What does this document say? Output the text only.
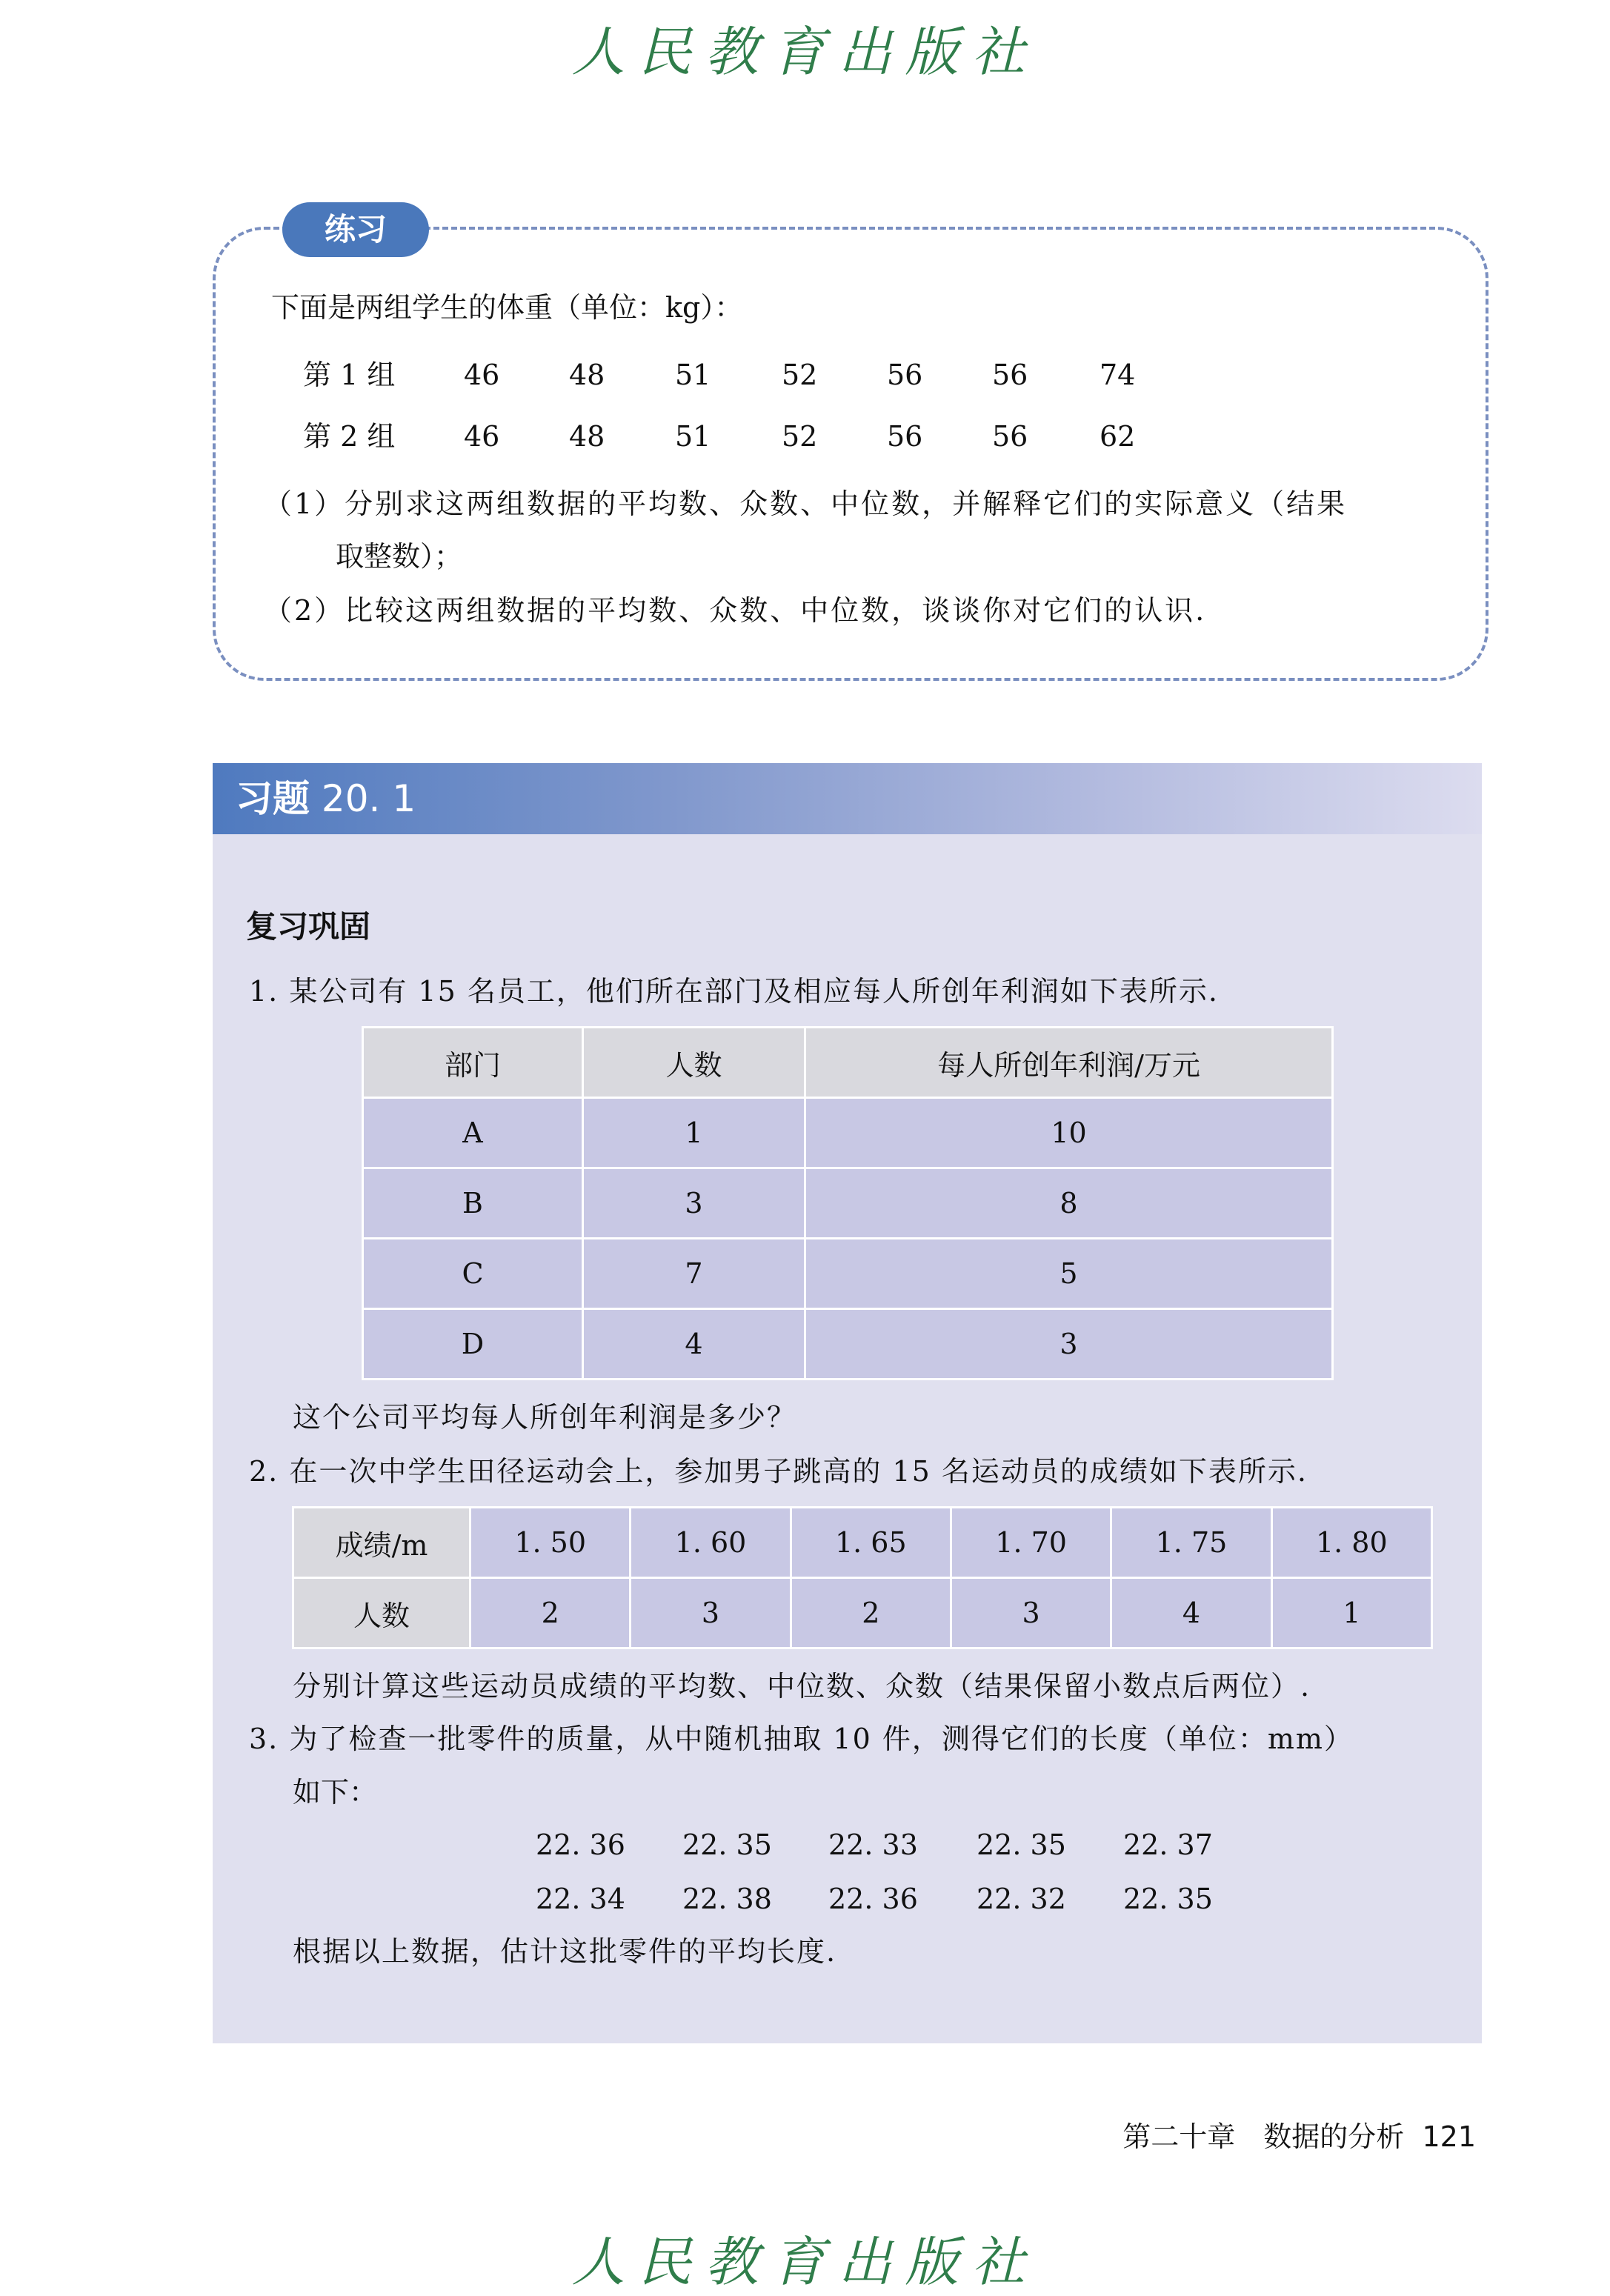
人民教育出版社
练习
下面是两组学生的体重（单位：kg）：
第 1 组 46 48 51	52 56 56	74
第 2 组 46 48 51	52 56 56	62
（1）分别求这两组数据的平均数、众数、中位数，并解释它们的实际意义（结果
取整数）；
（2）比较这两组数据的平均数、众数、中位数，谈谈你对它们的认识.
习题 20. 1
复习巩固
1. 某公司有 15 名员工，他们所在部门及相应每人所创年利润如下表所示.
部门	人数	每人所创年利润/万元
A	1	10
B	3	8
C	7	5
D	4	3
这个公司平均每人所创年利润是多少？
2. 在一次中学生田径运动会上，参加男子跳高的 15 名运动员的成绩如下表所示.
成绩/m	1. 50	1. 60	1. 65	1. 70	1. 75	1. 80
人数	2	3	2	3	4	1
分别计算这些运动员成绩的平均数、中位数、众数（结果保留小数点后两位）.
3. 为了检查一批零件的质量，从中随机抽取 10 件，测得它们的长度（单位：mm）
如下：
22. 36 22. 35 22. 33 22. 35 22. 37
22. 34 22. 38 22. 36 22. 32 22. 35
根据以上数据，估计这批零件的平均长度.
第二十章　数据的分析 121
人民教育出版社
